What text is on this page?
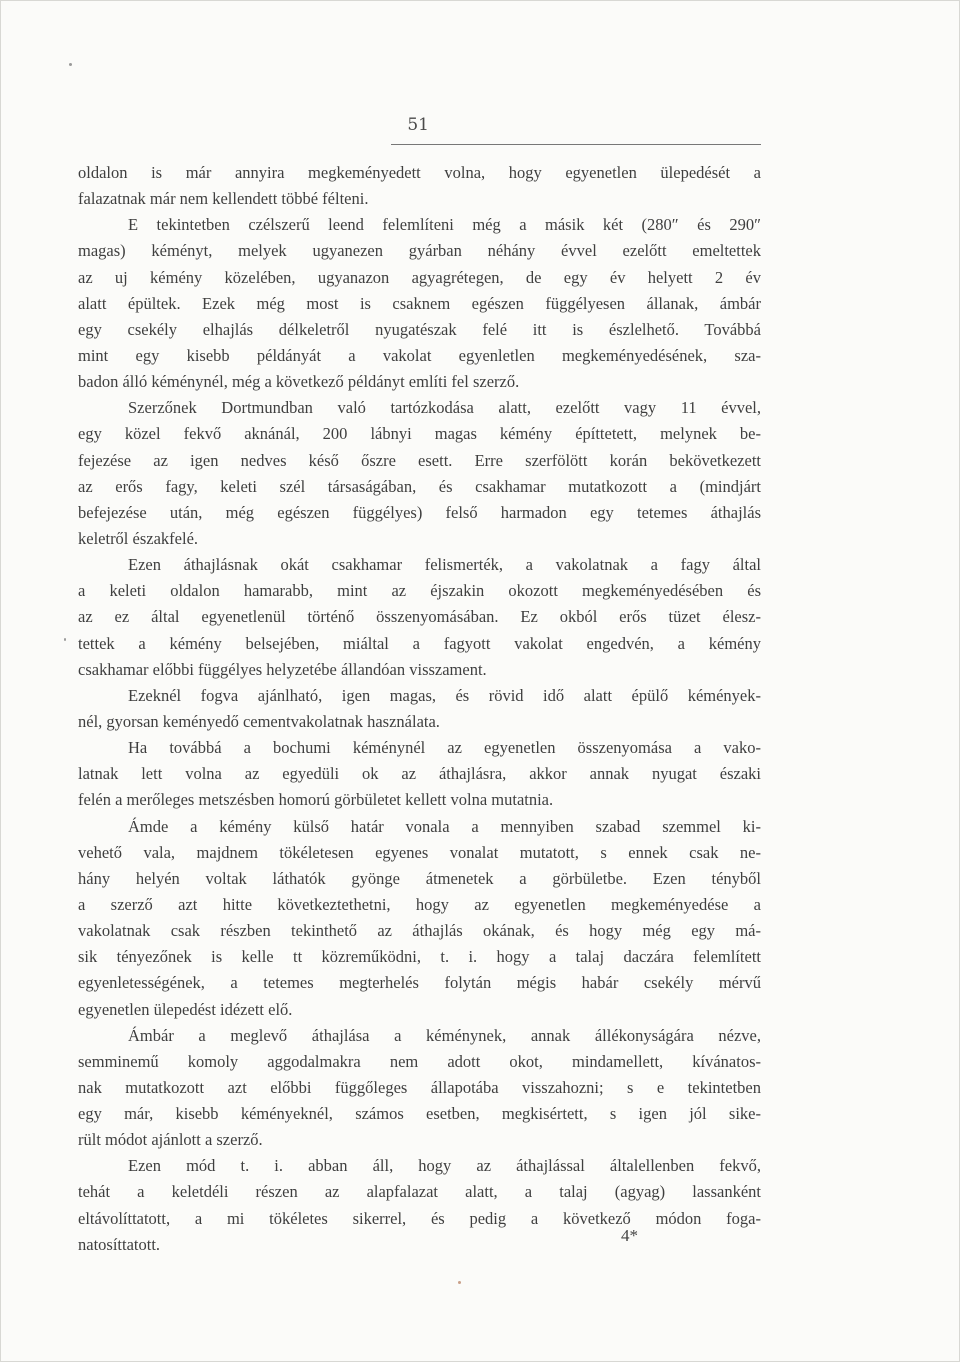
51
oldalon is már annyira megkeményedett volna, hogy egyenetlen ülepedését a
falazatnak már nem kellendett többé félteni.
E tekintetben czélszerű leend felemlíteni még a másik két (280″ és 290″
magas) kéményt, melyek ugyanezen gyárban néhány évvel ezelőtt emeltettek
az uj kémény közelében, ugyanazon agyagrétegen, de egy év helyett 2 év
alatt épültek. Ezek még most is csaknem egészen függélyesen állanak, ámbár
egy csekély elhajlás délkeletről nyugatészak felé itt is észlelhető. Továbbá
mint egy kisebb példányát a vakolat egyenletlen megkeményedésének, sza-
badon álló kéménynél, még a következő példányt említi fel szerző.
Szerzőnek Dortmundban való tartózkodása alatt, ezelőtt vagy 11 évvel,
egy közel fekvő aknánál, 200 lábnyi magas kémény építtetett, melynek be-
fejezése az igen nedves késő őszre esett. Erre szerfölött korán bekövetkezett
az erős fagy, keleti szél társaságában, és csakhamar mutatkozott a (mindjárt
befejezése után, még egészen függélyes) felső harmadon egy tetemes áthajlás
keletről északfelé.
Ezen áthajlásnak okát csakhamar felismerték, a vakolatnak a fagy által
a keleti oldalon hamarabb, mint az éjszakin okozott megkeményedésében és
az ez által egyenetlenül történő összenyomásában. Ez okból erős tüzet élesz-
tettek a kémény belsejében, miáltal a fagyott vakolat engedvén, a kémény
csakhamar előbbi függélyes helyzetébe állandóan visszament.
Ezeknél fogva ajánlható, igen magas, és rövid idő alatt épülő kémények-
nél, gyorsan keményedő cementvakolatnak használata.
Ha továbbá a bochumi kéménynél az egyenetlen összenyomása a vako-
latnak lett volna az egyedüli ok az áthajlásra, akkor annak nyugat északi
felén a merőleges metszésben homorú görbületet kellett volna mutatnia.
Ámde a kémény külső határ vonala a mennyiben szabad szemmel ki-
vehető vala, majdnem tökéletesen egyenes vonalat mutatott, s ennek csak ne-
hány helyén voltak láthatók gyönge átmenetek a görbületbe. Ezen tényből
a szerző azt hitte következtethetni, hogy az egyenetlen megkeményedése a
vakolatnak csak részben tekinthető az áthajlás okának, és hogy még egy má-
sik tényezőnek is kelle tt közreműködni, t. i. hogy a talaj daczára felemlített
egyenletességének, a tetemes megterhelés folytán mégis habár csekély mérvű
egyenetlen ülepedést idézett elő.
Ámbár a meglevő áthajlása a kéménynek, annak állékonyságára nézve,
semminemű komoly aggodalmakra nem adott okot, mindamellett, kívánatos-
nak mutatkozott azt előbbi függőleges állapotába visszahozni; s e tekintetben
egy már, kisebb kéményeknél, számos esetben, megkisértett, s igen jól sike-
rült módot ajánlott a szerző.
Ezen mód t. i. abban áll, hogy az áthajlással általellenben fekvő,
tehát a keletdéli részen az alapfalazat alatt, a talaj (agyag) lassanként
eltávolíttatott, a mi tökéletes sikerrel, és pedig a következő módon foga-
natosíttatott.	4*
